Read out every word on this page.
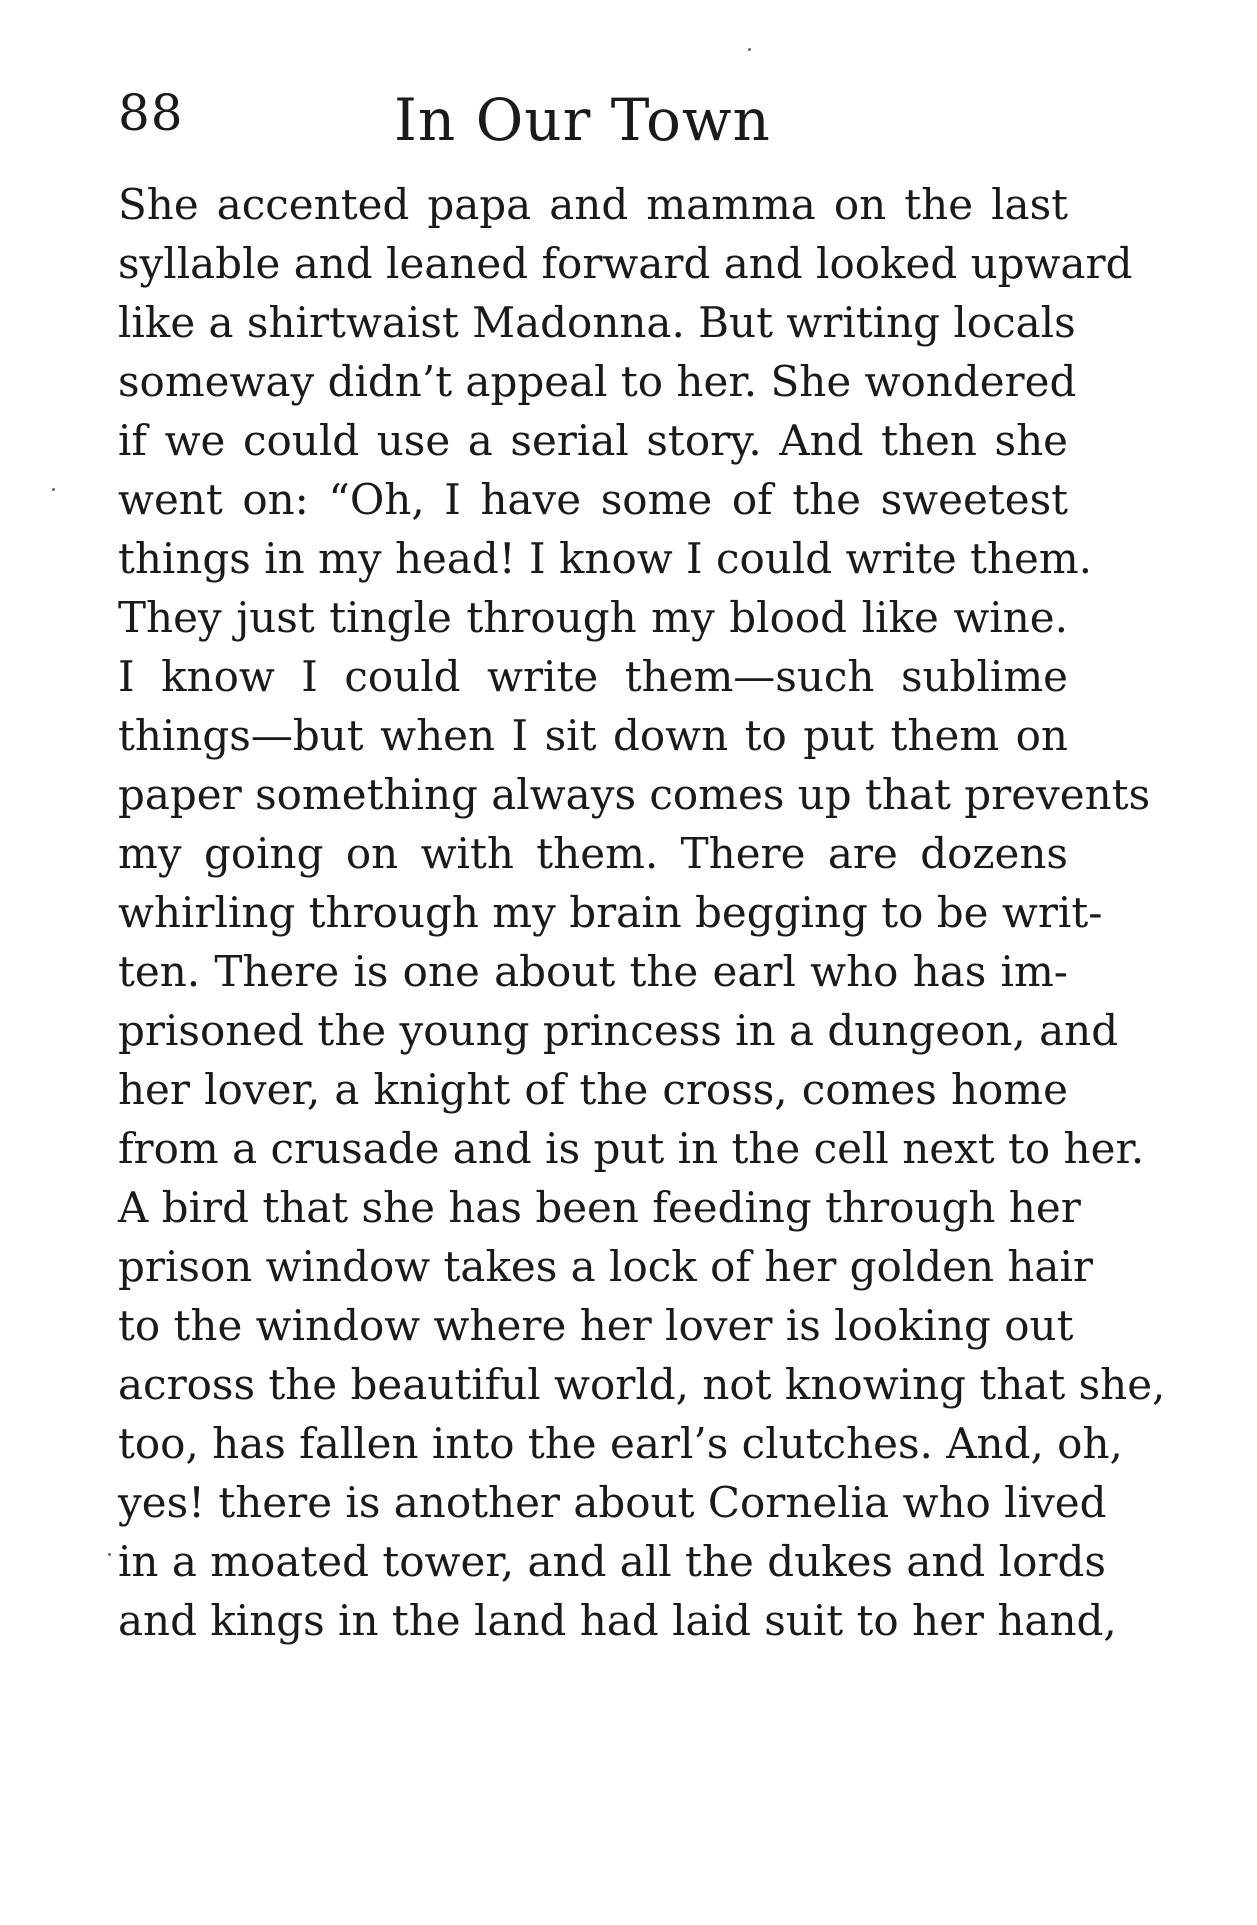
88	In Our Town
She accented papa and mamma on the last
syllable and leaned forward and looked upward
like a shirtwaist Madonna. But writing locals
someway didn’t appeal to her. She wondered
if we could use a serial story. And then she
went on: “Oh, I have some of the sweetest
things in my head! I know I could write them.
They just tingle through my blood like wine.
I know I could write them—such sublime
things—but when I sit down to put them on
paper something always comes up that prevents
my going on with them. There are dozens
whirling through my brain begging to be writ-
ten. There is one about the earl who has im-
prisoned the young princess in a dungeon, and
her lover, a knight of the cross, comes home
from a crusade and is put in the cell next to her.
A bird that she has been feeding through her
prison window takes a lock of her golden hair
to the window where her lover is looking out
across the beautiful world, not knowing that she,
too, has fallen into the earl’s clutches. And, oh,
yes! there is another about Cornelia who lived
in a moated tower, and all the dukes and lords
and kings in the land had laid suit to her hand,
